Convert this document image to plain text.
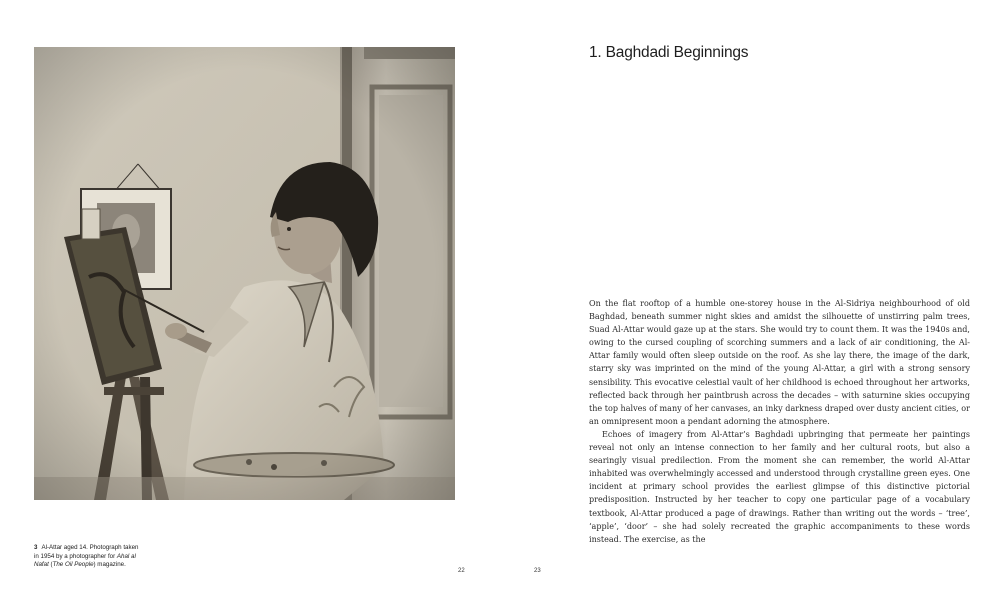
3 Al-Attar aged 14. Photograph taken
in 1954 by a photographer for Ahal al
Nafat (The Oil People) magazine.
22	23
1. Baghdadi Beginnings

On the flat rooftop of a humble one-storey house in the Al-Sidriya neighbourhood of old Baghdad, beneath summer night skies and amidst the silhouette of unstirring palm trees, Suad Al-Attar would gaze up at the stars. She would try to count them. It was the 1940s and, owing to the cursed coupling of scorching summers and a lack of air conditioning, the Al-Attar family would often sleep outside on the roof. As she lay there, the image of the dark, starry sky was imprinted on the mind of the young Al-Attar, a girl with a strong sensory sensibility. This evocative celestial vault of her childhood is echoed throughout her artworks, reflected back through her paintbrush across the decades – with saturnine skies occupying the top halves of many of her canvases, an inky darkness draped over dusty ancient cities, or an omnipresent moon a pendant adorning the atmosphere.

Echoes of imagery from Al-Attar’s Baghdadi upbringing that permeate her paintings reveal not only an intense connection to her family and her cultural roots, but also a searingly visual predilection. From the moment she can remember, the world Al-Attar inhabited was overwhelmingly accessed and understood through crystalline green eyes. One incident at primary school provides the earliest glimpse of this distinctive pictorial predisposition. Instructed by her teacher to copy one particular page of a vocabulary textbook, Al-Attar produced a page of drawings. Rather than writing out the words – ‘tree’, ‘apple’, ‘door’ – she had solely recreated the graphic accompaniments to these words instead. The exercise, as the
